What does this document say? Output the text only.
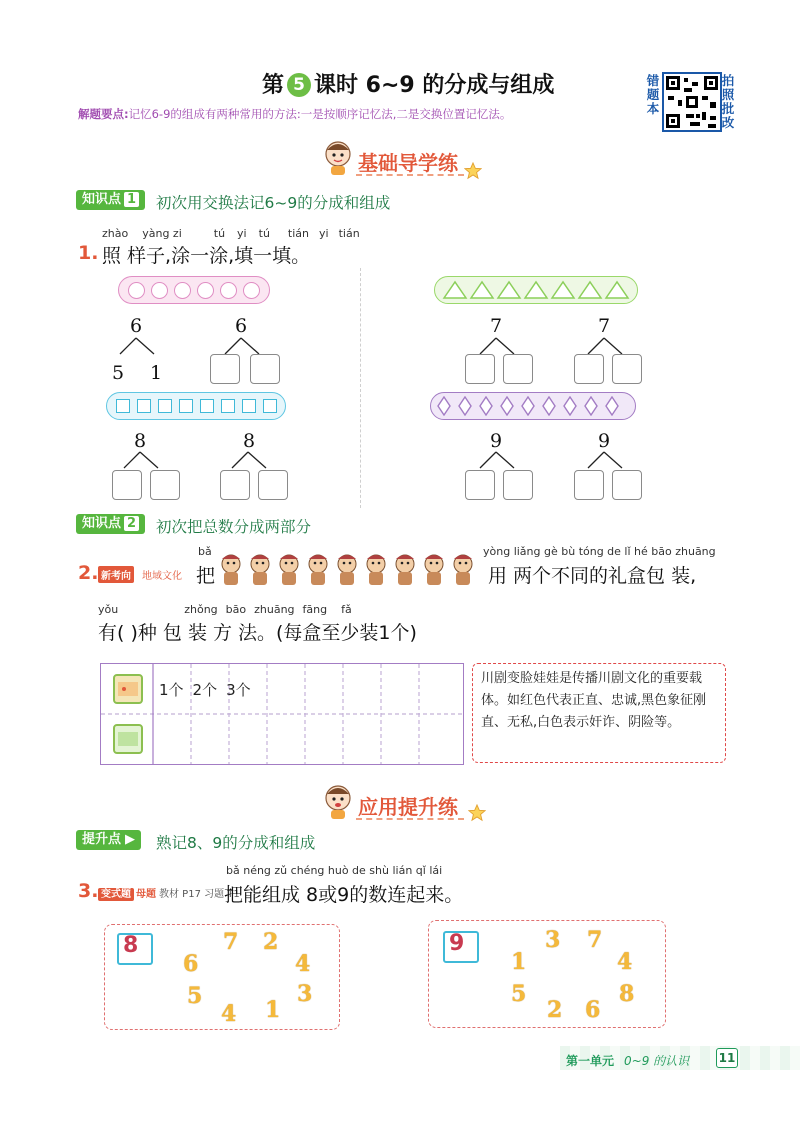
第 5 课时 6~9 的分成与组成	错
题
本
拍
照
批
改
解题要点:记忆6-9的组成有两种常用的方法:一是按顺序记忆法,二是交换位置记忆法。
基础导学练
知识点 1	初次用交换法记6~9的分成和组成
zhào yàng zi	tú yi tú tián yi tián
1. 照 样子,涂一涂,填一填。
6
5 1
6	7	7
8	8	9	9
知识点 2	初次把总数分成两部分
bǎ	yòng liǎng gè bù tóng de lǐ hé bāo zhuāng
2. 新考向	地域文化 把	用 两个不同的礼盒包 装,
yǒu	zhǒng bāo zhuāng fāng fǎ
有( )种 包 装 方 法。(每盒至少装1个)
1个 2个 3个
川剧变脸娃娃是传播川剧文化的重要载体。如红色代表正直、忠诚,黑色象征刚直、无私,白色表示奸诈、阴险等。
应用提升练
提升点 ▶	熟记8、9的分成和组成
bǎ néng zǔ chéng huò de shù lián qǐ lái
3. 变式题 母题 教材 P17 习题 T1
把能组成 8或9的数连起来。
8
6
7 2
4
5
4 1
3
9
1
3 7
4
5
2 6
8
第一单元 0~9 的认识	11
